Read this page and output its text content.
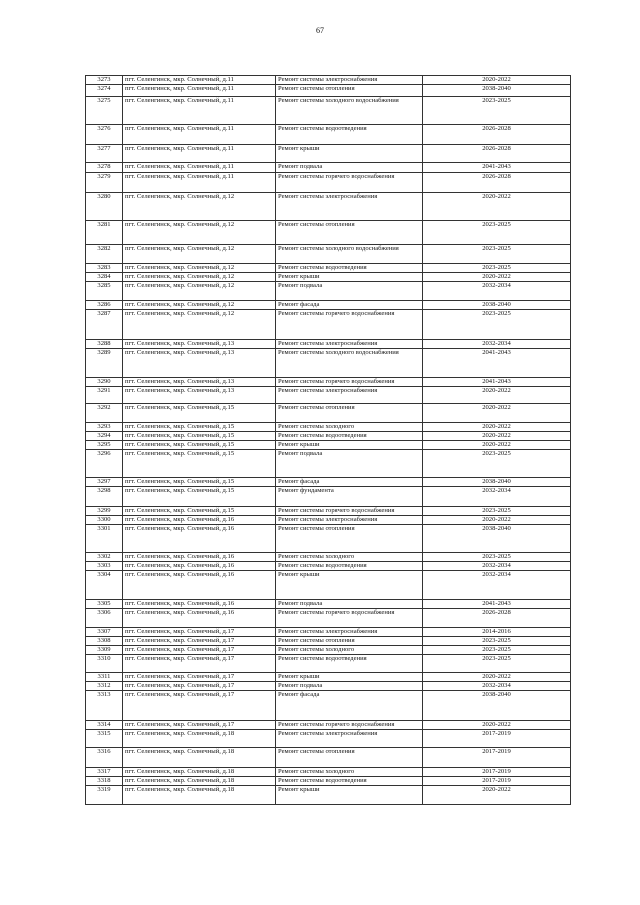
67
3273	пгт. Селенгинск, мкр. Солнечный, д.11	Ремонт системы электроснабжения	2020-2022
3274	пгт. Селенгинск, мкр. Солнечный, д.11	Ремонт системы отопления	2038-2040
3275	пгт. Селенгинск, мкр. Солнечный, д.11	Ремонт системы холодного водоснабжения	2023-2025
3276	пгт. Селенгинск, мкр. Солнечный, д.11	Ремонт системы водоотведения	2026-2028
3277	пгт. Селенгинск, мкр. Солнечный, д.11	Ремонт крыши	2026-2028
3278	пгт. Селенгинск, мкр. Солнечный, д.11	Ремонт подвала	2041-2043
3279	пгт. Селенгинск, мкр. Солнечный, д.11	Ремонт системы горячего водоснабжения	2026-2028
3280	пгт. Селенгинск, мкр. Солнечный, д.12	Ремонт системы электроснабжения	2020-2022
3281	пгт. Селенгинск, мкр. Солнечный, д.12	Ремонт системы отопления	2023-2025
3282	пгт. Селенгинск, мкр. Солнечный, д.12	Ремонт системы холодного водоснабжения	2023-2025
3283	пгт. Селенгинск, мкр. Солнечный, д.12	Ремонт системы водоотведения	2023-2025
3284	пгт. Селенгинск, мкр. Солнечный, д.12	Ремонт крыши	2020-2022
3285	пгт. Селенгинск, мкр. Солнечный, д.12	Ремонт подвала	2032-2034
3286	пгт. Селенгинск, мкр. Солнечный, д.12	Ремонт фасада	2038-2040
3287	пгт. Селенгинск, мкр. Солнечный, д.12	Ремонт системы горячего водоснабжения	2023-2025
3288	пгт. Селенгинск, мкр. Солнечный, д.13	Ремонт системы электроснабжения	2032-2034
3289	пгт. Селенгинск, мкр. Солнечный, д.13	Ремонт системы холодного водоснабжения	2041-2043
3290	пгт. Селенгинск, мкр. Солнечный, д.13	Ремонт системы горячего водоснабжения	2041-2043
3291	пгт. Селенгинск, мкр. Солнечный, д.13	Ремонт системы электроснабжения	2020-2022
3292	пгт. Селенгинск, мкр. Солнечный, д.15	Ремонт системы отопления	2020-2022
3293	пгт. Селенгинск, мкр. Солнечный, д.15	Ремонт системы холодного	2020-2022
3294	пгт. Селенгинск, мкр. Солнечный, д.15	Ремонт системы водоотведения	2020-2022
3295	пгт. Селенгинск, мкр. Солнечный, д.15	Ремонт крыши	2020-2022
3296	пгт. Селенгинск, мкр. Солнечный, д.15	Ремонт подвала	2023-2025
3297	пгт. Селенгинск, мкр. Солнечный, д.15	Ремонт фасада	2038-2040
3298	пгт. Селенгинск, мкр. Солнечный, д.15	Ремонт фундамента	2032-2034
3299	пгт. Селенгинск, мкр. Солнечный, д.15	Ремонт системы горячего водоснабжения	2023-2025
3300	пгт. Селенгинск, мкр. Солнечный, д.16	Ремонт системы электроснабжения	2020-2022
3301	пгт. Селенгинск, мкр. Солнечный, д.16	Ремонт системы отопления	2038-2040
3302	пгт. Селенгинск, мкр. Солнечный, д.16	Ремонт системы холодного	2023-2025
3303	пгт. Селенгинск, мкр. Солнечный, д.16	Ремонт системы водоотведения	2032-2034
3304	пгт. Селенгинск, мкр. Солнечный, д.16	Ремонт крыши	2032-2034
3305	пгт. Селенгинск, мкр. Солнечный, д.16	Ремонт подвала	2041-2043
3306	пгт. Селенгинск, мкр. Солнечный, д.16	Ремонт системы горячего водоснабжения	2026-2028
3307	пгт. Селенгинск, мкр. Солнечный, д.17	Ремонт системы электроснабжения	2014-2016
3308	пгт. Селенгинск, мкр. Солнечный, д.17	Ремонт системы отопления	2023-2025
3309	пгт. Селенгинск, мкр. Солнечный, д.17	Ремонт системы холодного	2023-2025
3310	пгт. Селенгинск, мкр. Солнечный, д.17	Ремонт системы водоотведения	2023-2025
3311	пгт. Селенгинск, мкр. Солнечный, д.17	Ремонт крыши	2020-2022
3312	пгт. Селенгинск, мкр. Солнечный, д.17	Ремонт подвала	2032-2034
3313	пгт. Селенгинск, мкр. Солнечный, д.17	Ремонт фасада	2038-2040
3314	пгт. Селенгинск, мкр. Солнечный, д.17	Ремонт системы горячего водоснабжения	2020-2022
3315	пгт. Селенгинск, мкр. Солнечный, д.18	Ремонт системы электроснабжения	2017-2019
3316	пгт. Селенгинск, мкр. Солнечный, д.18	Ремонт системы отопления	2017-2019
3317	пгт. Селенгинск, мкр. Солнечный, д.18	Ремонт системы холодного	2017-2019
3318	пгт. Селенгинск, мкр. Солнечный, д.18	Ремонт системы водоотведения	2017-2019
3319	пгт. Селенгинск, мкр. Солнечный, д.18	Ремонт крыши	2020-2022
